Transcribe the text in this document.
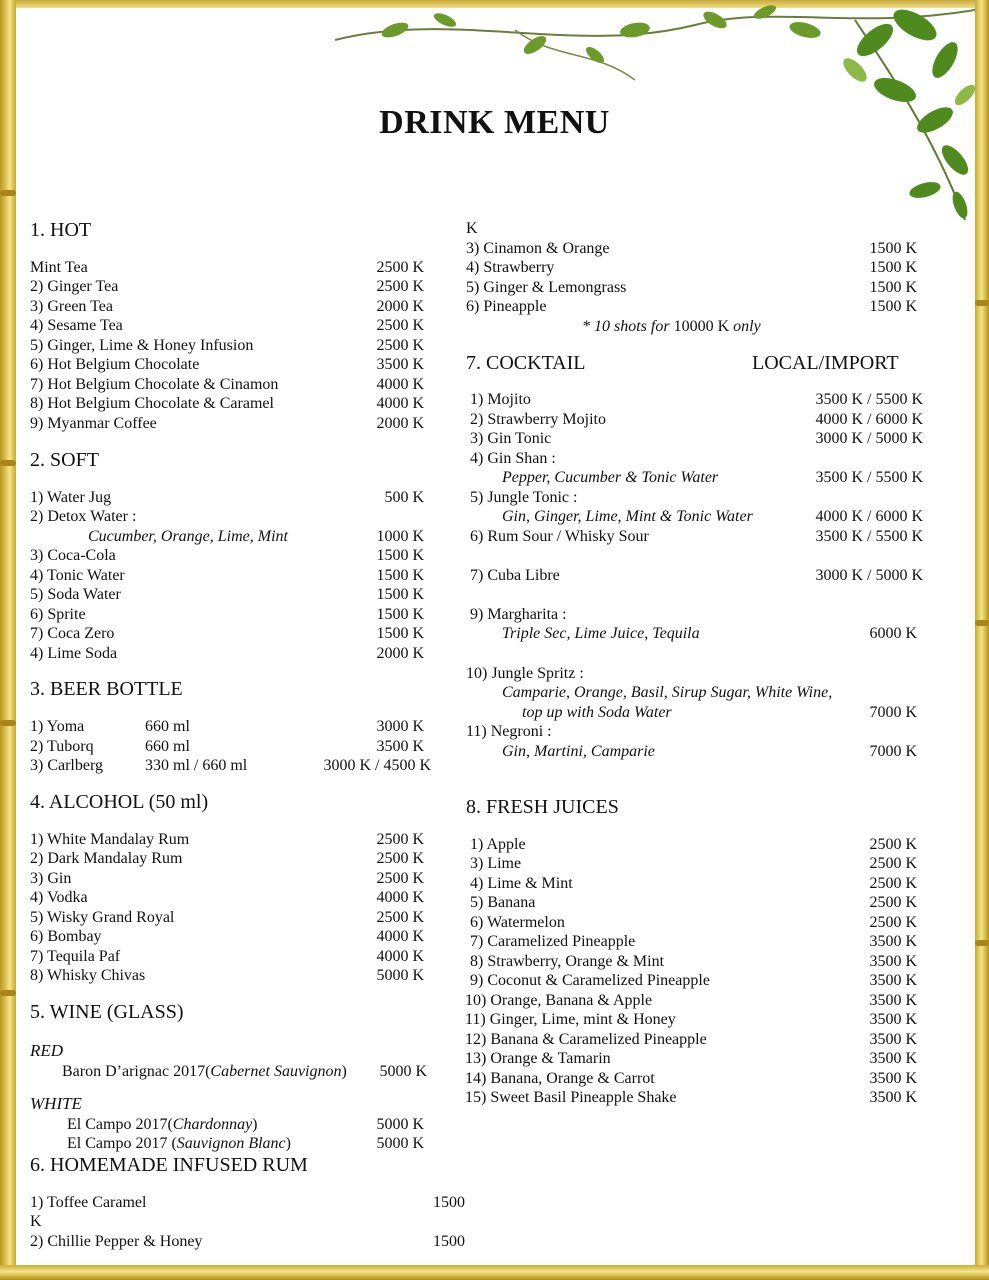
DRINK MENU
1. HOT
Mint Tea	2500 K
2) Ginger Tea	2500 K
3) Green Tea	2000 K
4) Sesame Tea	2500 K
5) Ginger, Lime & Honey Infusion	2500 K
6) Hot Belgium Chocolate	3500 K
7) Hot Belgium Chocolate & Cinamon	4000 K
8) Hot Belgium Chocolate & Caramel	4000 K
9) Myanmar Coffee	2000 K
2. SOFT
1) Water Jug	500 K
2) Detox Water :
Cucumber, Orange, Lime, Mint	1000 K
3) Coca-Cola	1500 K
4) Tonic Water	1500 K
5) Soda Water	1500 K
6) Sprite	1500 K
7) Coca Zero	1500 K
4) Lime Soda	2000 K
3. BEER BOTTLE
1) Yoma	660 ml	3000 K
2) Tuborq	660 ml	3500 K
3) Carlberg	330 ml / 660 ml	3000 K / 4500 K
4. ALCOHOL (50 ml)
1) White Mandalay Rum	2500 K
2) Dark Mandalay Rum	2500 K
3) Gin	2500 K
4) Vodka	4000 K
5) Wisky Grand Royal	2500 K
6) Bombay	4000 K
7) Tequila Paf	4000 K
8) Whisky Chivas	5000 K
5. WINE (GLASS)
RED
Baron D’arignac 2017(Cabernet Sauvignon) 5000 K
WHITE
El Campo 2017(Chardonnay)	5000 K
El Campo 2017 (Sauvignon Blanc)	5000 K
6. HOMEMADE INFUSED RUM
1) Toffee Caramel	1500
K
2) Chillie Pepper & Honey	1500
K
3) Cinamon & Orange	1500 K
4) Strawberry	1500 K
5) Ginger & Lemongrass	1500 K
6) Pineapple	1500 K
* 10 shots for 10000 K only
7. COCKTAIL	LOCAL/IMPORT
1) Mojito	3500 K / 5500 K
2) Strawberry Mojito	4000 K / 6000 K
3) Gin Tonic	3000 K / 5000 K
4) Gin Shan :
Pepper, Cucumber & Tonic Water	3500 K / 5500 K
5) Jungle Tonic :
Gin, Ginger, Lime, Mint & Tonic Water	4000 K / 6000 K
6) Rum Sour / Whisky Sour	3500 K / 5500 K
7) Cuba Libre	3000 K / 5000 K
9) Margharita :
Triple Sec, Lime Juice, Tequila	6000 K
10) Jungle Spritz :
Camparie, Orange, Basil, Sirup Sugar, White Wine,
top up with Soda Water	7000 K
11) Negroni :
Gin, Martini, Camparie	7000 K
8. FRESH JUICES
1) Apple	2500 K
3) Lime	2500 K
4) Lime & Mint	2500 K
5) Banana	2500 K
6) Watermelon	2500 K
7) Caramelized Pineapple	3500 K
8) Strawberry, Orange & Mint	3500 K
9) Coconut & Caramelized Pineapple	3500 K
10) Orange, Banana & Apple	3500 K
11) Ginger, Lime, mint & Honey	3500 K
12) Banana & Caramelized Pineapple	3500 K
13) Orange & Tamarin	3500 K
14) Banana, Orange & Carrot	3500 K
15) Sweet Basil Pineapple Shake	3500 K
